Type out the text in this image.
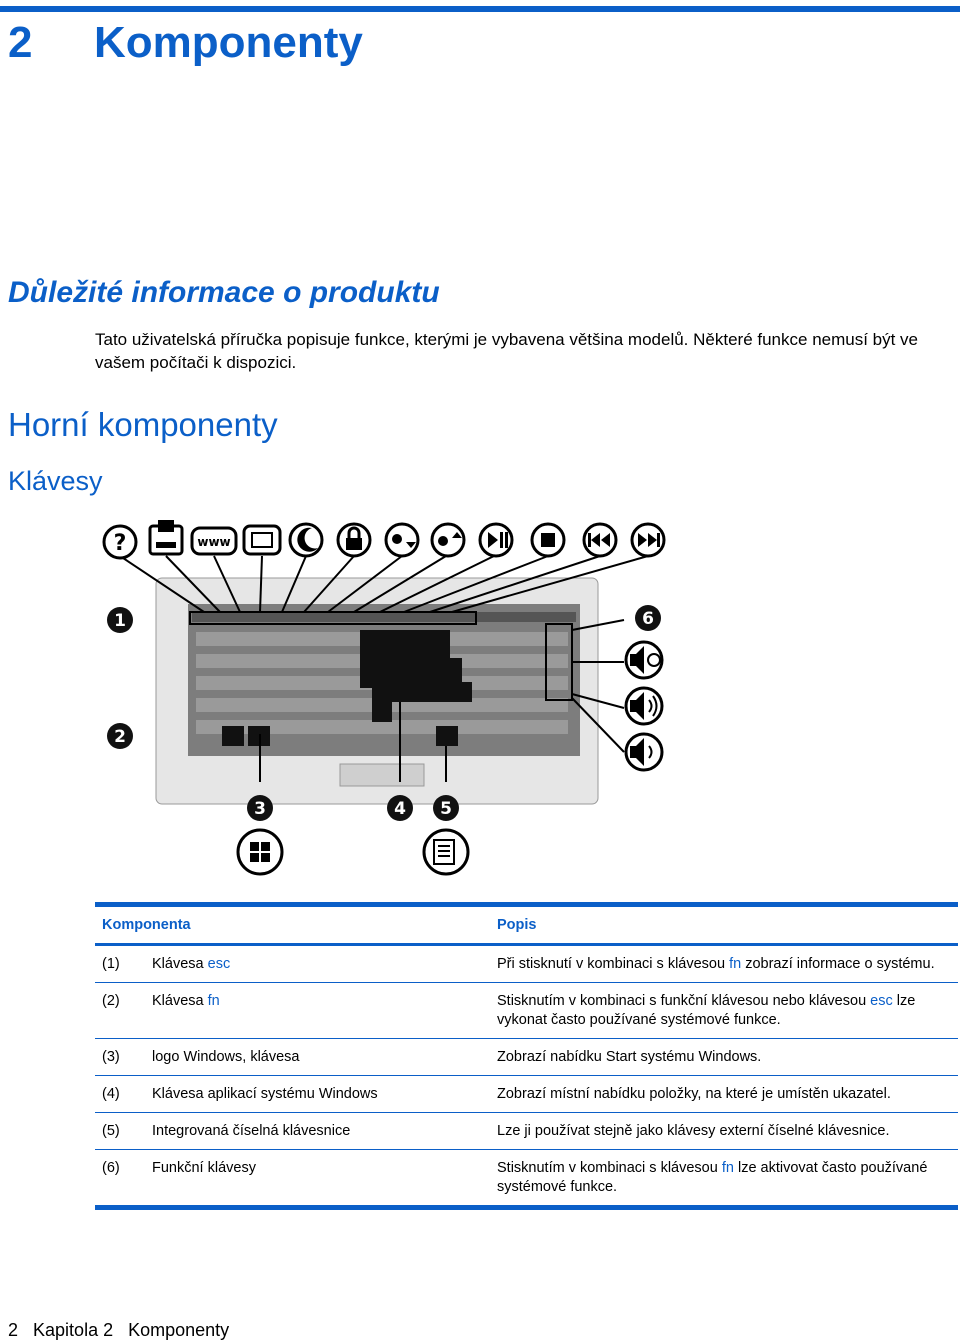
2 Komponenty
Důležité informace o produktu
Tato uživatelská příručka popisuje funkce, kterými je vybavena většina modelů. Některé funkce nemusí být ve vašem počítači k dispozici.
Horní komponenty
Klávesy
?	www
1
2
3	4 5
6
Komponenta	Popis
(1)	Klávesa esc	Při stisknutí v kombinaci s klávesou fn zobrazí informace o systému.
(2)	Klávesa fn	Stisknutím v kombinaci s funkční klávesou nebo klávesou esc lze vykonat často používané systémové funkce.
(3)	logo Windows, klávesa	Zobrazí nabídku Start systému Windows.
(4)	Klávesa aplikací systému Windows	Zobrazí místní nabídku položky, na které je umístěn ukazatel.
(5)	Integrovaná číselná klávesnice	Lze ji používat stejně jako klávesy externí číselné klávesnice.
(6)	Funkční klávesy	Stisknutím v kombinaci s klávesou fn lze aktivovat často používané systémové funkce.
2 Kapitola 2 Komponenty
